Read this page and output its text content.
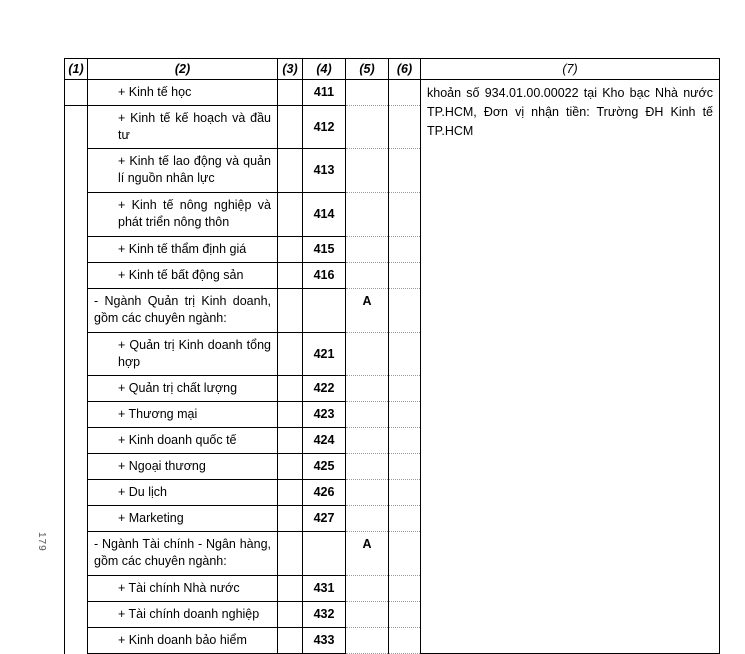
179
(1)	(2)	(3)	(4)	(5)	(6)	(7)
	+ Kinh tế học		411			khoản số 934.01.00.00022 tại Kho bạc Nhà nước TP.HCM, Đơn vị nhận tiền: Trường ĐH Kinh tế TP.HCM
	+ Kinh tế kế hoạch và đầu tư		412			
	+ Kinh tế lao động và quản lí nguồn nhân lực		413			
	+ Kinh tế nông nghiệp và phát triển nông thôn		414			
	+ Kinh tế thẩm định giá		415			
	+ Kinh tế bất động sản		416			
	- Ngành Quản trị Kinh doanh, gồm các chuyên ngành:			A		
	+ Quản trị Kinh doanh tổng hợp		421			
	+ Quản trị chất lượng		422			
	+ Thương mại		423			
	+ Kinh doanh quốc tế		424			
	+ Ngoại thương		425			
	+ Du lịch		426			
	+ Marketing		427			
	- Ngành Tài chính - Ngân hàng, gồm các chuyên ngành:			A		
	+ Tài chính Nhà nước		431			
	+ Tài chính doanh nghiệp		432			
	+ Kinh doanh bảo hiểm		433			
